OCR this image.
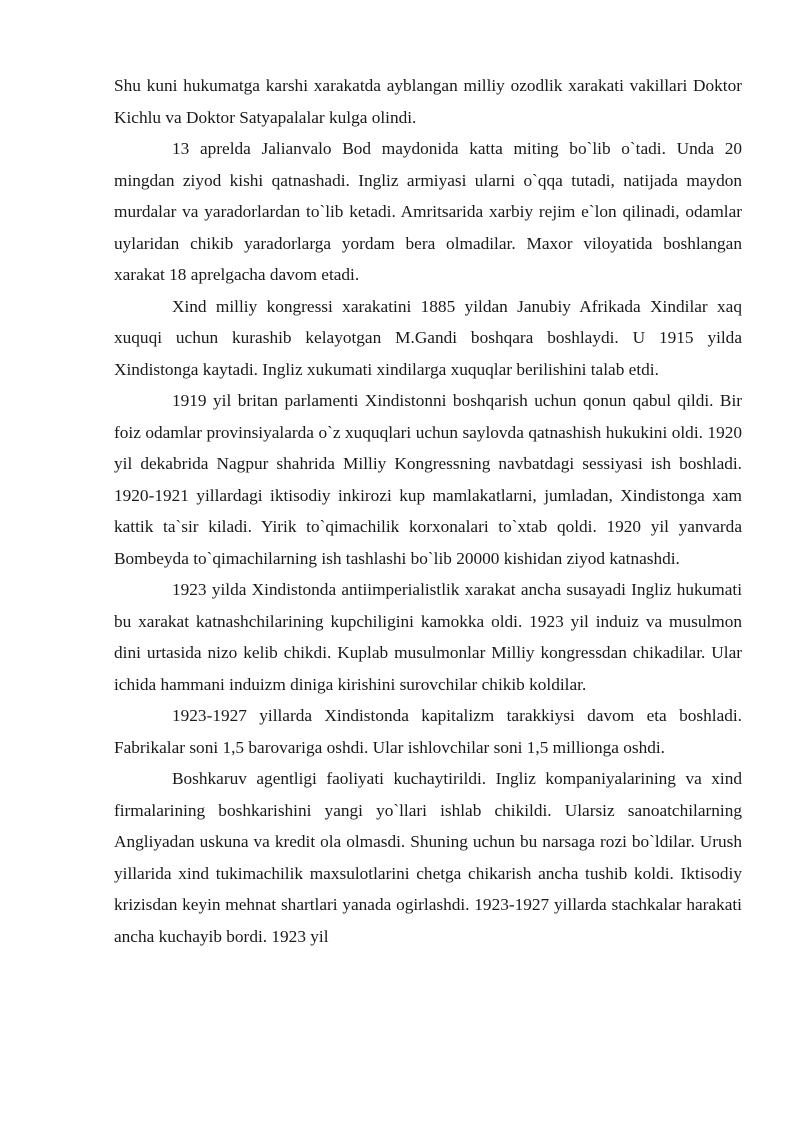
Shu kuni hukumatga karshi xarakatda ayblangan milliy ozodlik xarakati vakillari Doktor Kichlu va Doktor Satyapalalar kulga olindi.

13 aprelda Jalianvalo Bod maydonida katta miting bo`lib o`tadi. Unda 20 mingdan ziyod kishi qatnashadi. Ingliz armiyasi ularni o`qqa tutadi, natijada maydon murdalar va yaradorlardan to`lib ketadi. Amritsarida xarbiy rejim e`lon qilinadi, odamlar uylaridan chikib yaradorlarga yordam bera olmadilar. Maxor viloyatida boshlangan xarakat 18 aprelgacha davom etadi.

Xind milliy kongressi xarakatini 1885 yildan Janubiy Afrikada Xindilar xaq xuquqi uchun kurashib kelayotgan M.Gandi boshqara boshlaydi. U 1915 yilda Xindistonga kaytadi. Ingliz xukumati xindilarga xuquqlar berilishini talab etdi.

1919 yil britan parlamenti Xindistonni boshqarish uchun qonun qabul qildi. Bir foiz odamlar provinsiyalarda o`z xuquqlari uchun saylovda qatnashish hukukini oldi. 1920 yil dekabrida Nagpur shahrida Milliy Kongressning navbatdagi sessiyasi ish boshladi. 1920-1921 yillardagi iktisodiy inkirozi kup mamlakatlarni, jumladan, Xindistonga xam kattik ta`sir kiladi. Yirik to`qimachilik korxonalari to`xtab qoldi. 1920 yil yanvarda Bombeyda to`qimachilarning ish tashlashi bo`lib 20000 kishidan ziyod katnashdi.

1923 yilda Xindistonda antiimperialistlik xarakat ancha susayadi Ingliz hukumati bu xarakat katnashchilarining kupchiligini kamokka oldi. 1923 yil induiz va musulmon dini urtasida nizo kelib chikdi. Kuplab musulmonlar Milliy kongressdan chikadilar. Ular ichida hammani induizm diniga kirishini surovchilar chikib koldilar.

1923-1927 yillarda Xindistonda kapitalizm tarakkiysi davom eta boshladi. Fabrikalar soni 1,5 barovariga oshdi. Ular ishlovchilar soni 1,5 millionga oshdi.

Boshkaruv agentligi faoliyati kuchaytirildi. Ingliz kompaniyalarining va xind firmalarining boshkarishini yangi yo`llari ishlab chikildi. Ularsiz sanoatchilarning Angliyadan uskuna va kredit ola olmasdi. Shuning uchun bu narsaga rozi bo`ldilar. Urush yillarida xind tukimachilik maxsulotlarini chetga chikarish ancha tushib koldi. Iktisodiy krizisdan keyin mehnat shartlari yanada ogirlashdi. 1923-1927 yillarda stachkalar harakati ancha kuchayib bordi. 1923 yil
